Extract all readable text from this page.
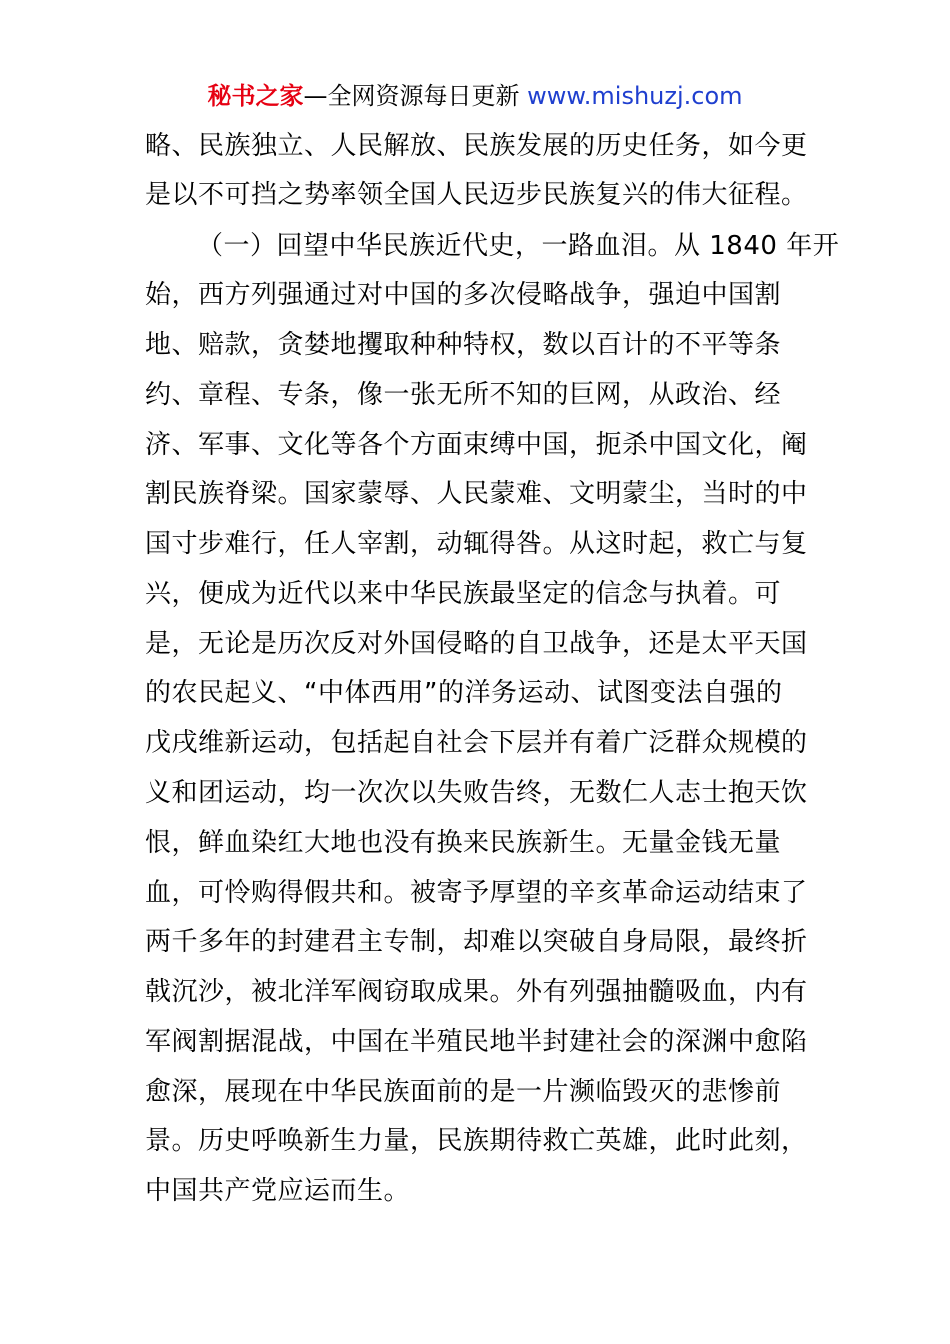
秘书之家—全网资源每日更新 www.mishuzj.com
略、民族独立、人民解放、民族发展的历史任务，如今更
是以不可挡之势率领全国人民迈步民族复兴的伟大征程。
（一）回望中华民族近代史，一路血泪。从 1840 年开
始，西方列强通过对中国的多次侵略战争，强迫中国割
地、赔款，贪婪地攫取种种特权，数以百计的不平等条
约、章程、专条，像一张无所不知的巨网，从政治、经
济、军事、文化等各个方面束缚中国，扼杀中国文化，阉
割民族脊梁。国家蒙辱、人民蒙难、文明蒙尘，当时的中
国寸步难行，任人宰割，动辄得咎。从这时起，救亡与复
兴，便成为近代以来中华民族最坚定的信念与执着。可
是，无论是历次反对外国侵略的自卫战争，还是太平天国
的农民起义、“中体西用”的洋务运动、试图变法自强的
戊戌维新运动，包括起自社会下层并有着广泛群众规模的
义和团运动，均一次次以失败告终，无数仁人志士抱天饮
恨，鲜血染红大地也没有换来民族新生。无量金钱无量
血，可怜购得假共和。被寄予厚望的辛亥革命运动结束了
两千多年的封建君主专制，却难以突破自身局限，最终折
戟沉沙，被北洋军阀窃取成果。外有列强抽髓吸血，内有
军阀割据混战，中国在半殖民地半封建社会的深渊中愈陷
愈深，展现在中华民族面前的是一片濒临毁灭的悲惨前
景。历史呼唤新生力量，民族期待救亡英雄，此时此刻，
中国共产党应运而生。
